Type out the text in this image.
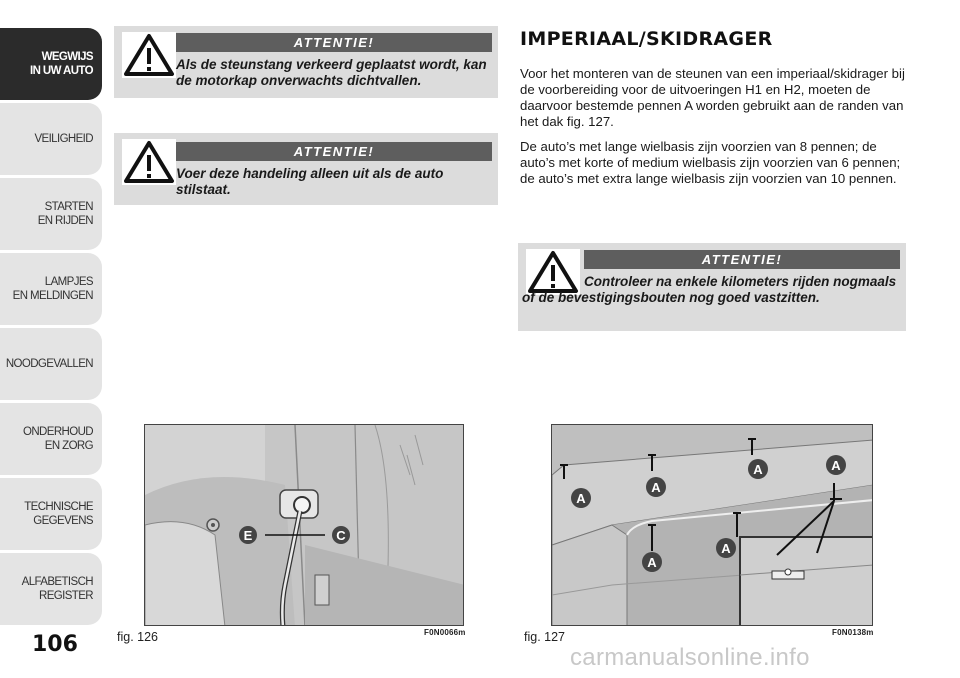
WEGWIJS
IN UW AUTO
VEILIGHEID
STARTEN
EN RIJDEN
LAMPJES
EN MELDINGEN
NOODGEVALLEN
ONDERHOUD
EN ZORG
TECHNISCHE
GEGEVENS
ALFABETISCH
REGISTER
106
ATTENTIE!
Als de steunstang verkeerd geplaatst wordt, kan de motorkap onverwachts dichtvallen.
ATTENTIE!
Voer deze handeling alleen uit als de auto stilstaat.
IMPERIAAL/SKIDRAGER
Voor het monteren van de steunen van een imperiaal/skidrager bij de voorbereiding voor de uitvoeringen H1 en H2, moeten de daarvoor bestemde pennen A worden gebruikt aan de randen van het dak fig. 127.
De auto’s met lange wielbasis zijn voorzien van 8 pennen; de auto’s met korte of medium wielbasis zijn voorzien van 6 pennen; de auto’s met extra lange wielbasis zijn voorzien van 10 pennen.
ATTENTIE!
Controleer na enkele kilometers rijden nogmaals of de bevestigingsbouten nog goed vastzitten.
E	C
fig. 126	F0N0066m
A
A
A	A
A
A
fig. 127	F0N0138m
carmanualsonline.info
